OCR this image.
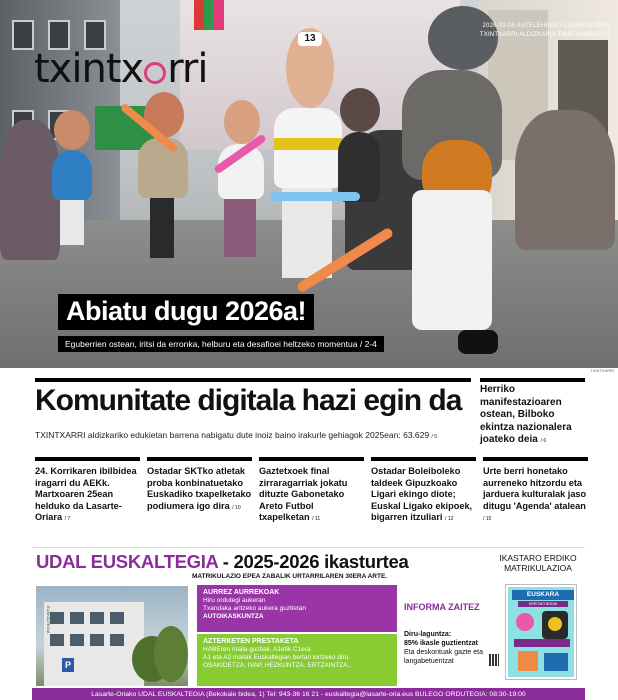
13
txintx rri
2026-01-05 ASTELEHENA / LASARTE-ORIA
TXINTXARRI ALDIZKARIA TXINTXARRI.EUS
Abiatu dugu 2026a!
Eguberrien ostean, iritsi da erronka, helburu eta desafioei heltzeko momentua / 2-4
TXINTXARRI
Komunitate digitala hazi egin da
TXINTXARRI aldizkariko edukietan barrena nabigatu dute inoiz baino irakurle gehiagok 2025ean: 63.629 / 5
Herriko manifestazioaren ostean, Bilboko ekintza nazionalera joateko deia / 6
24. Korrikaren ibilbidea iragarri du AEKk. Martxoaren 25ean helduko da Lasarte-Oriara / 7
Ostadar SKTko atletak proba konbinatuetako Euskadiko txapelketako podiumera igo dira / 10
Gaztetxoek final zirraragarriak jokatu dituzte Gabonetako Areto Futbol txapelketan / 11
Ostadar Boleiboleko taldeek Gipuzkoako Ligari ekingo diote; Euskal Ligako ekipoek, bigarren itzuliari / 12
Urte berri honetako aurreneko hitzordu eta jarduera kulturalak jaso ditugu 'Agenda' atalean / 15
UDAL EUSKALTEGIA - 2025-2026 ikasturtea
MATRIKULAZIO EPEA ZABALIK URTARRILAREN 30ERA ARTE.
P
EUSKALTEGIA
AURREZ AURREKOAK
Hiru ordutegi aukeran
Txandaka aritzeko aukera guztietan
AUTOIKASKUNTZA
AZTERKETEN PRESTAKETA
HABEren maila guztiak. A1etik C1era
A1 eta A2 mailak Euskaltegian bertan lortzeko diru.
OSAKIDETZA, IVAP, HEZKUNTZA, ERTZAINTZA...
INFORMA ZAITEZ
Diru-laguntza:
85% ikasle guztientzat
Eta deskontuak gazte eta langabetuentzat
IKASTARO ERDIKO
MATRIKULAZIOA
EUSKARA
ERRITMO BIZIAN
Lasarte-Oriako UDAL EUSKALTEGIA (Bekokale bidea, 1) Tel: 943-36 16 21 - euskaltegia@lasarte-oria.eus BULEGO ORDUTEGIA: 08:30-19:00
